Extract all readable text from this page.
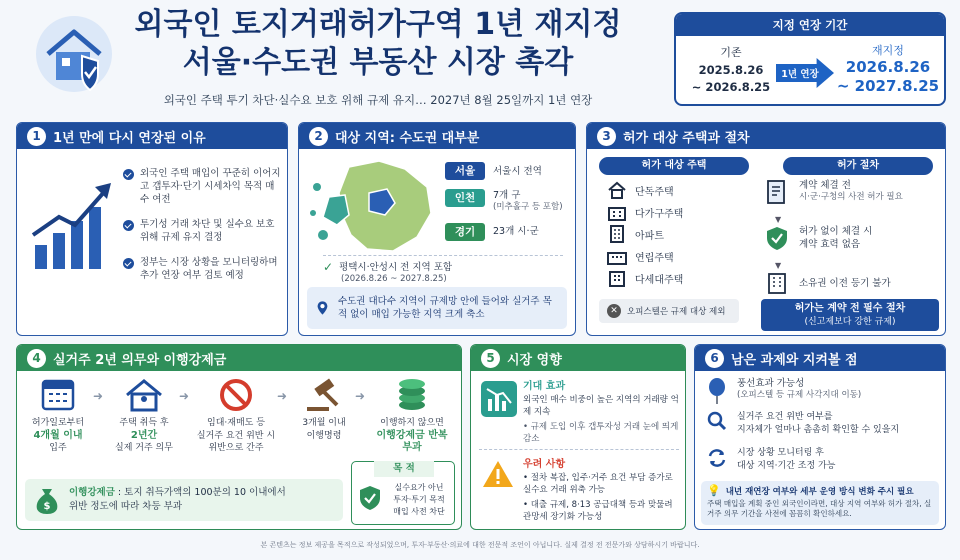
외국인 토지거래허가구역 1년 재지정
서울·수도권 부동산 시장 촉각
외국인 주택 투기 차단·실수요 보호 위해 규제 유지… 2027년 8월 25일까지 1년 연장
지정 연장 기간
기존
2025.8.26
~ 2026.8.25
1년 연장
재지정
2026.8.26
~ 2027.8.25
1 1년 만에 다시 연장된 이유
외국인 주택 매입이 꾸준히 이어지고 갭투자·단기 시세차익 목적 매수 여전
투기성 거래 차단 및 실수요 보호 위해 규제 유지 결정
정부는 시장 상황을 모니터링하며 추가 연장 여부 검토 예정
2 대상 지역: 수도권 대부분
서울	서울시 전역
인천	7개 구
(미추홀구 등 포함)
경기	23개 시·군
✓ 평택시·안성시 전 지역 포함
(2026.8.26 ~ 2027.8.25)
수도권 대다수 지역이 규제망 안에 들어와 실거주 목적 없이 매입 가능한 지역 크게 축소
3 허가 대상 주택과 절차
허가 대상 주택
단독주택
다가구주택
아파트
연립주택
다세대주택
✕	오피스텔은 규제 대상 제외
허가 절차
계약 체결 전
시·군·구청의 사전 허가 필요
▼
허가 없이 체결 시
계약 효력 없음
▼
소유권 이전 등기 불가
허가는 계약 전 필수 절차
(신고제보다 강한 규제)
4 실거주 2년 의무와 이행강제금
허가일로부터
4개월 이내
입주
➜
주택 취득 후
2년간
실제 거주 의무
➜
임대·재매도 등
실거주 요건 위반 시
위반으로 간주
➜
3개월 이내
이행명령
➜
이행하지 않으면
이행강제금 반복 부과
$
이행강제금 : 토지 취득가액의 100분의 10 이내에서
위반 정도에 따라 차등 부과
목 적
실수요가 아닌
투자·투기 목적
매입 사전 차단
5 시장 영향
기대 효과
외국인 매수 비중이 높은 지역의 거래량 억제 지속
• 규제 도입 이후 갭투자성 거래 눈에 띄게 감소
우려 사항
• 절차 복잡, 입주·거주 요건 부담 증가로 실수요 거래 위축 가능
• 대출 규제, 8·13 공급대책 등과 맞물려 관망세 장기화 가능성
6 남은 과제와 지켜볼 점
풍선효과 가능성
(오피스텔 등 규제 사각지대 이동)
실거주 요건 위반 여부를
지자체가 얼마나 촘촘히 확인할 수 있을지
시장 상황 모니터링 후
대상 지역·기간 조정 가능
💡 내년 재연장 여부와 세부 운영 방식 변화 주시 필요
주택 매입을 계획 중인 외국인이라면, 대상 지역 여부와 허가 절차, 실거주 의무 기간을 사전에 꼼꼼히 확인하세요.
본 콘텐츠는 정보 제공을 목적으로 작성되었으며, 투자·부동산·의료에 대한 전문적 조언이 아닙니다. 실제 결정 전 전문가와 상담하시기 바랍니다.
